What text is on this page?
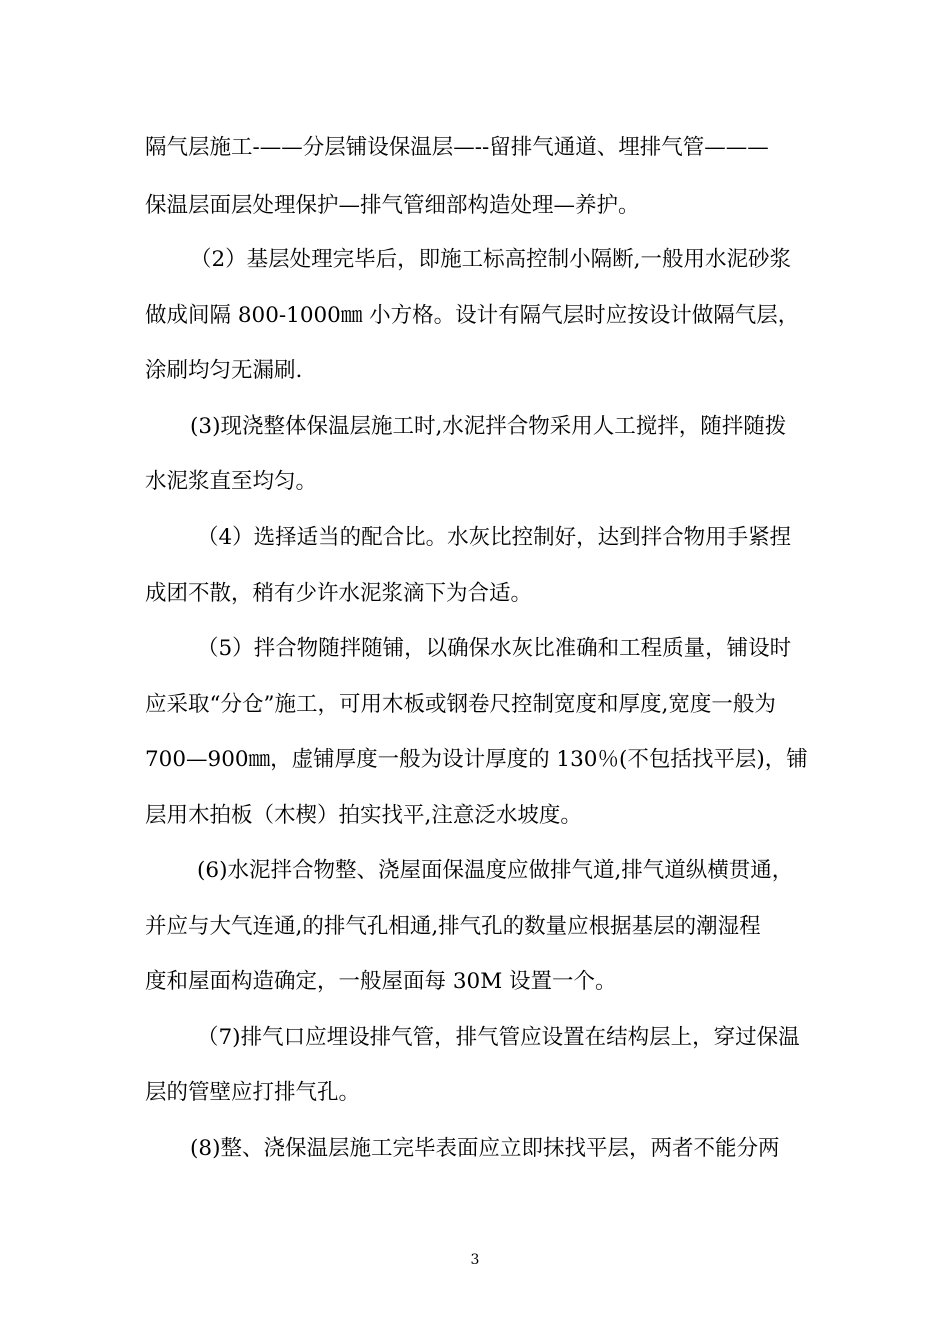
隔气层施工-——分层铺设保温层—--留排气通道、埋排气管———
保温层面层处理保护—排气管细部构造处理—养护。
（2）基层处理完毕后，即施工标高控制小隔断,一般用水泥砂浆
做成间隔 800-1000㎜ 小方格。设计有隔气层时应按设计做隔气层，
涂刷均匀无漏刷.
(3)现浇整体保温层施工时,水泥拌合物采用人工搅拌，随拌随拨
水泥浆直至均匀。
（4）选择适当的配合比。水灰比控制好，达到拌合物用手紧捏
成团不散，稍有少许水泥浆滴下为合适。
（5）拌合物随拌随铺，以确保水灰比准确和工程质量，铺设时
应采取“分仓”施工，可用木板或钢卷尺控制宽度和厚度,宽度一般为
700—900㎜，虚铺厚度一般为设计厚度的 130％(不包括找平层)，铺
层用木拍板（木楔）拍实找平,注意泛水坡度。
(6)水泥拌合物整、浇屋面保温度应做排气道,排气道纵横贯通，
并应与大气连通,的排气孔相通,排气孔的数量应根据基层的潮湿程
度和屋面构造确定，一般屋面每 30M 设置一个。
（7)排气口应埋设排气管，排气管应设置在结构层上，穿过保温
层的管壁应打排气孔。
(8)整、浇保温层施工完毕表面应立即抹找平层，两者不能分两
3
